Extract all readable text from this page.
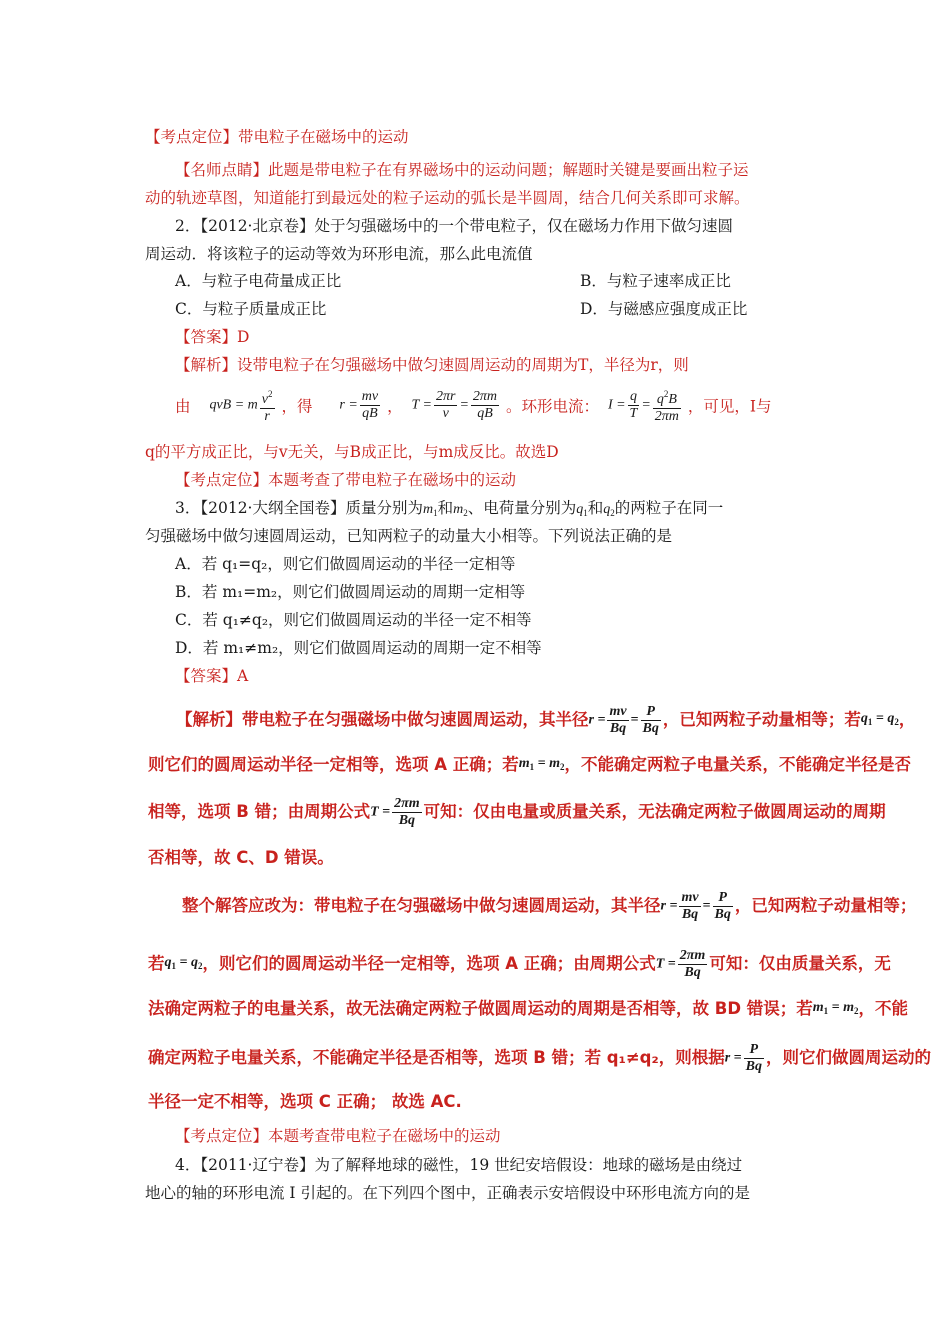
【考点定位】带电粒子在磁场中的运动
【名师点睛】此题是带电粒子在有界磁场中的运动问题；解题时关键是要画出粒子运
动的轨迹草图，知道能打到最远处的粒子运动的弧长是半圆周，结合几何关系即可求解。
2．【2012·北京卷】处于匀强磁场中的一个带电粒子，仅在磁场力作用下做匀速圆
周运动．将该粒子的运动等效为环形电流，那么此电流值
A．与粒子电荷量成正比	B．与粒子速率成正比
C．与粒子质量成正比	D．与磁感应强度成正比
【答案】D
【解析】设带电粒子在匀强磁场中做匀速圆周运动的周期为T，半径为r，则
由 qvB = m $\frac{v^2}{r}$ ，得 $r = \frac{mv}{qB}$ ， $T = \frac{2\pi r}{v} = \frac{2\pi m}{qB}$ 。环形电流： $I = \frac{q}{T} = \frac{q^2B}{2\pi m}$ ，可见，I与
q的平方成正比，与v无关，与B成正比，与m成反比。故选D
【考点定位】本题考查了带电粒子在磁场中的运动
3．【2012·大纲全国卷】质量分别为$m_1$和$m_2$、电荷量分别为$q_1$和$q_2$的两粒子在同一
匀强磁场中做匀速圆周运动，已知两粒子的动量大小相等。下列说法正确的是
A．若 q₁=q₂，则它们做圆周运动的半径一定相等
B．若 m₁=m₂，则它们做圆周运动的周期一定相等
C．若 q₁≠q₂，则它们做圆周运动的半径一定不相等
D．若 m₁≠m₂，则它们做圆周运动的周期一定不相等
【答案】A
【解析】带电粒子在匀强磁场中做匀速圆周运动，其半径$r = \frac{mv}{Bq} = \frac{P}{Bq}$ ，已知两粒子动量相等；若$q_1 = q_2$，
则它们的圆周运动半径一定相等，选项 A 正确；若$m_1 = m_2$，不能确定两粒子电量关系，不能确定半径是否
相等，选项 B 错；由周期公式$T = \frac{2\pi m}{Bq}$ 可知：仅由电量或质量关系，无法确定两粒子做圆周运动的周期
否相等，故 C、D 错误。
整个解答应改为：带电粒子在匀强磁场中做匀速圆周运动，其半径$r = \frac{mv}{Bq} = \frac{P}{Bq}$ ，已知两粒子动量相等；
若$q_1 = q_2$，则它们的圆周运动半径一定相等，选项 A 正确；由周期公式$T = \frac{2\pi m}{Bq}$ 可知：仅由质量关系，无
法确定两粒子的电量关系，故无法确定两粒子做圆周运动的周期是否相等，故 BD 错误；若$m_1 = m_2$，不能
确定两粒子电量关系，不能确定半径是否相等，选项 B 错；若 q₁≠q₂，则根据$r = \frac{P}{Bq}$ ，则它们做圆周运动的
半径一定不相等，选项 C 正确； 故选 AC.
【考点定位】本题考查带电粒子在磁场中的运动
4．【2011·辽宁卷】为了解释地球的磁性，19 世纪安培假设：地球的磁场是由绕过
地心的轴的环形电流 I 引起的。在下列四个图中，正确表示安培假设中环形电流方向的是
